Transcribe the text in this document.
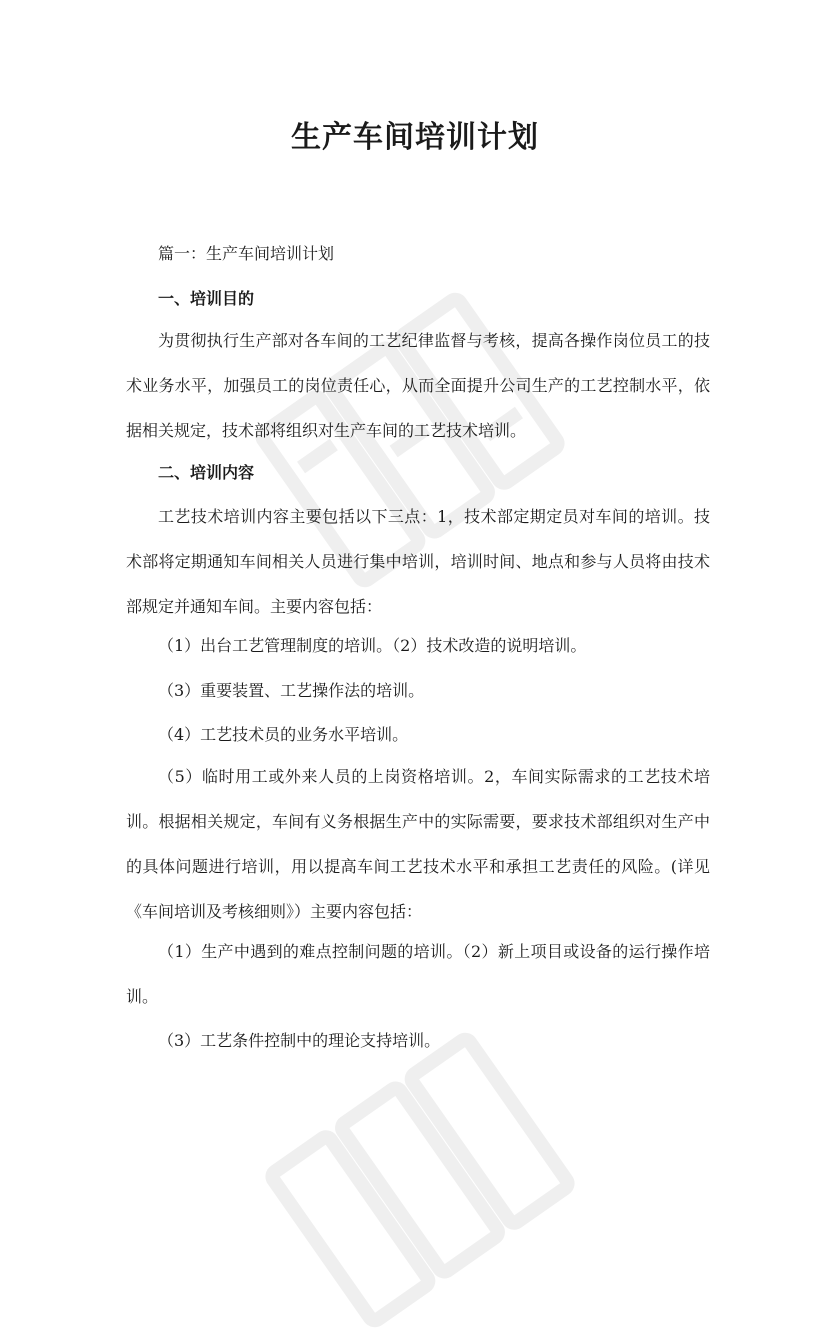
生产车间培训计划
篇一：生产车间培训计划
一、培训目的
为贯彻执行生产部对各车间的工艺纪律监督与考核，提高各操作岗位员工的技术业务水平，加强员工的岗位责任心，从而全面提升公司生产的工艺控制水平，依据相关规定，技术部将组织对生产车间的工艺技术培训。
二、培训内容
工艺技术培训内容主要包括以下三点：1，技术部定期定员对车间的培训。技术部将定期通知车间相关人员进行集中培训，培训时间、地点和参与人员将由技术部规定并通知车间。主要内容包括：
（1）出台工艺管理制度的培训。（2）技术改造的说明培训。
（3）重要装置、工艺操作法的培训。
（4）工艺技术员的业务水平培训。
（5）临时用工或外来人员的上岗资格培训。2，车间实际需求的工艺技术培训。根据相关规定，车间有义务根据生产中的实际需要，要求技术部组织对生产中的具体问题进行培训，用以提高车间工艺技术水平和承担工艺责任的风险。(详见《车间培训及考核细则》）主要内容包括：
（1）生产中遇到的难点控制问题的培训。（2）新上项目或设备的运行操作培训。
（3）工艺条件控制中的理论支持培训。
